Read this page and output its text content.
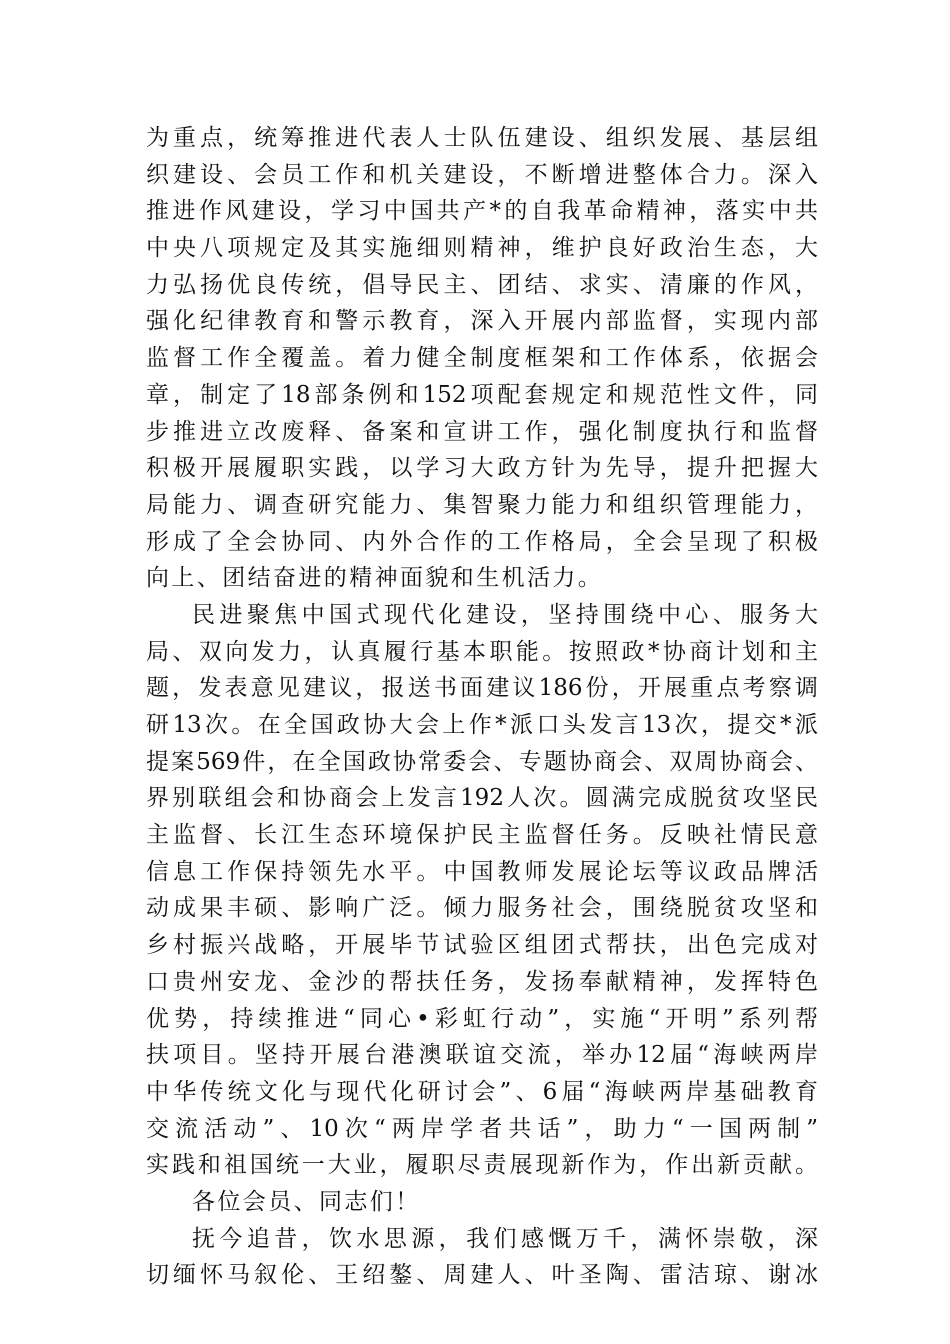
为重点，统筹推进代表人士队伍建设、组织发展、基层组
织建设、会员工作和机关建设，不断增进整体合力。深入
推进作风建设，学习中国共产*的自我革命精神，落实中共
中央八项规定及其实施细则精神，维护良好政治生态，大
力弘扬优良传统，倡导民主、团结、求实、清廉的作风，
强化纪律教育和警示教育，深入开展内部监督，实现内部
监督工作全覆盖。着力健全制度框架和工作体系，依据会
章，制定了18部条例和152项配套规定和规范性文件，同
步推进立改废释、备案和宣讲工作，强化制度执行和监督
积极开展履职实践，以学习大政方针为先导，提升把握大
局能力、调查研究能力、集智聚力能力和组织管理能力，
形成了全会协同、内外合作的工作格局，全会呈现了积极
向上、团结奋进的精神面貌和生机活力。
民进聚焦中国式现代化建设，坚持围绕中心、服务大
局、双向发力，认真履行基本职能。按照政*协商计划和主
题，发表意见建议，报送书面建议186份，开展重点考察调
研13次。在全国政协大会上作*派口头发言13次，提交*派
提案569件，在全国政协常委会、专题协商会、双周协商会、
界别联组会和协商会上发言192人次。圆满完成脱贫攻坚民
主监督、长江生态环境保护民主监督任务。反映社情民意
信息工作保持领先水平。中国教师发展论坛等议政品牌活
动成果丰硕、影响广泛。倾力服务社会，围绕脱贫攻坚和
乡村振兴战略，开展毕节试验区组团式帮扶，出色完成对
口贵州安龙、金沙的帮扶任务，发扬奉献精神，发挥特色
优势，持续推进“同心•彩虹行动”，实施“开明”系列帮
扶项目。坚持开展台港澳联谊交流，举办12届“海峡两岸
中华传统文化与现代化研讨会”、6届“海峡两岸基础教育
交流活动”、10次“两岸学者共话”，助力“一国两制”
实践和祖国统一大业，履职尽责展现新作为，作出新贡献。
各位会员、同志们！
抚今追昔，饮水思源，我们感慨万千，满怀崇敬，深
切缅怀马叙伦、王绍鏊、周建人、叶圣陶、雷洁琼、谢冰
